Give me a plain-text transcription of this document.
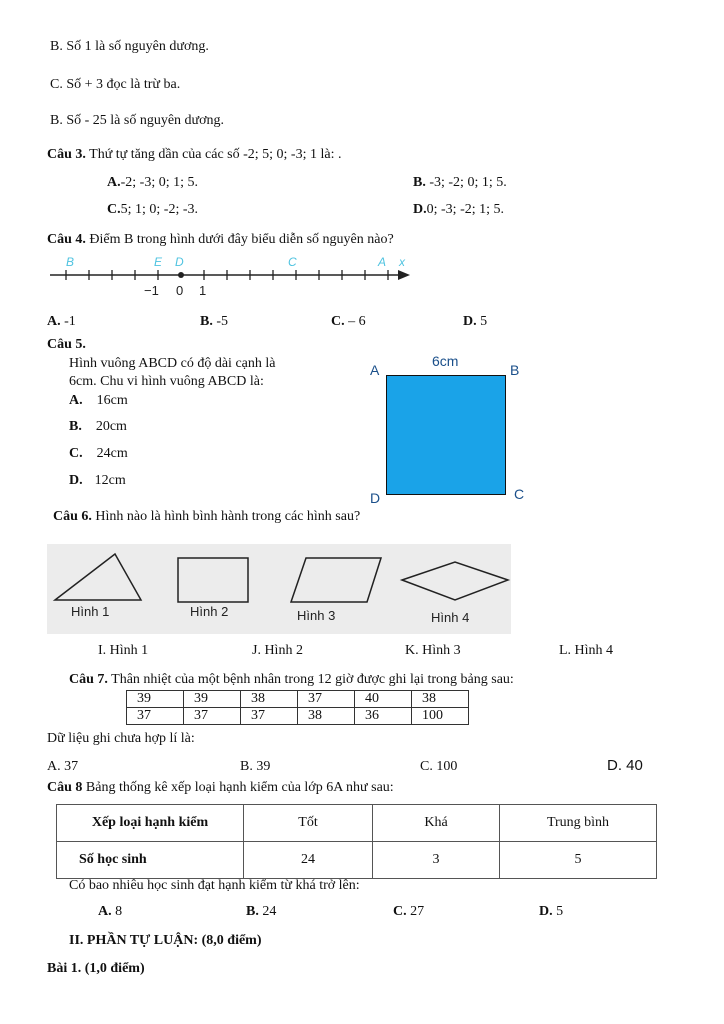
B. Số 1 là số nguyên dương.
C. Số + 3 đọc là trừ ba.
B. Số - 25 là số nguyên dương.
Câu 3. Thứ tự tăng dần của các số -2; 5; 0; -3; 1 là: .
A.-2; -3; 0; 1; 5.	B. -3; -2; 0; 1; 5.
C.5; 1; 0; -2; -3.	D.0; -3; -2; 1; 5.
Câu 4. Điểm B trong hình dưới đây biểu diễn số nguyên nào?
B	E D	C	A x
−1 0 1
A. -1	B. -5	C. – 6	D. 5
Câu 5.
Hình vuông ABCD có độ dài cạnh là
6cm. Chu vi hình vuông ABCD là:
A. 16cm
B. 20cm
C. 24cm
D. 12cm
A	B
C
D
6cm
Câu 6. Hình nào là hình bình hành trong các hình sau?
Hình 1	Hình 2	Hình 3	Hình 4
I. Hình 1	J. Hình 2	K. Hình 3	L. Hình 4
Câu 7. Thân nhiệt của một bệnh nhân trong 12 giờ được ghi lại trong bảng sau:
39	39	38	37	40	38
37	37	37	38	36	100
Dữ liệu ghi chưa hợp lí là:
A. 37	B. 39	C. 100	D. 40
Câu 8 Bảng thống kê xếp loại hạnh kiểm của lớp 6A như sau:
Xếp loại hạnh kiểm	Tốt	Khá	Trung bình
Số học sinh	24	3	5
Có bao nhiêu học sinh đạt hạnh kiểm từ khá trở lên:
A. 8	B. 24	C. 27	D. 5
II. PHẦN TỰ LUẬN: (8,0 điểm)
Bài 1. (1,0 điểm)
